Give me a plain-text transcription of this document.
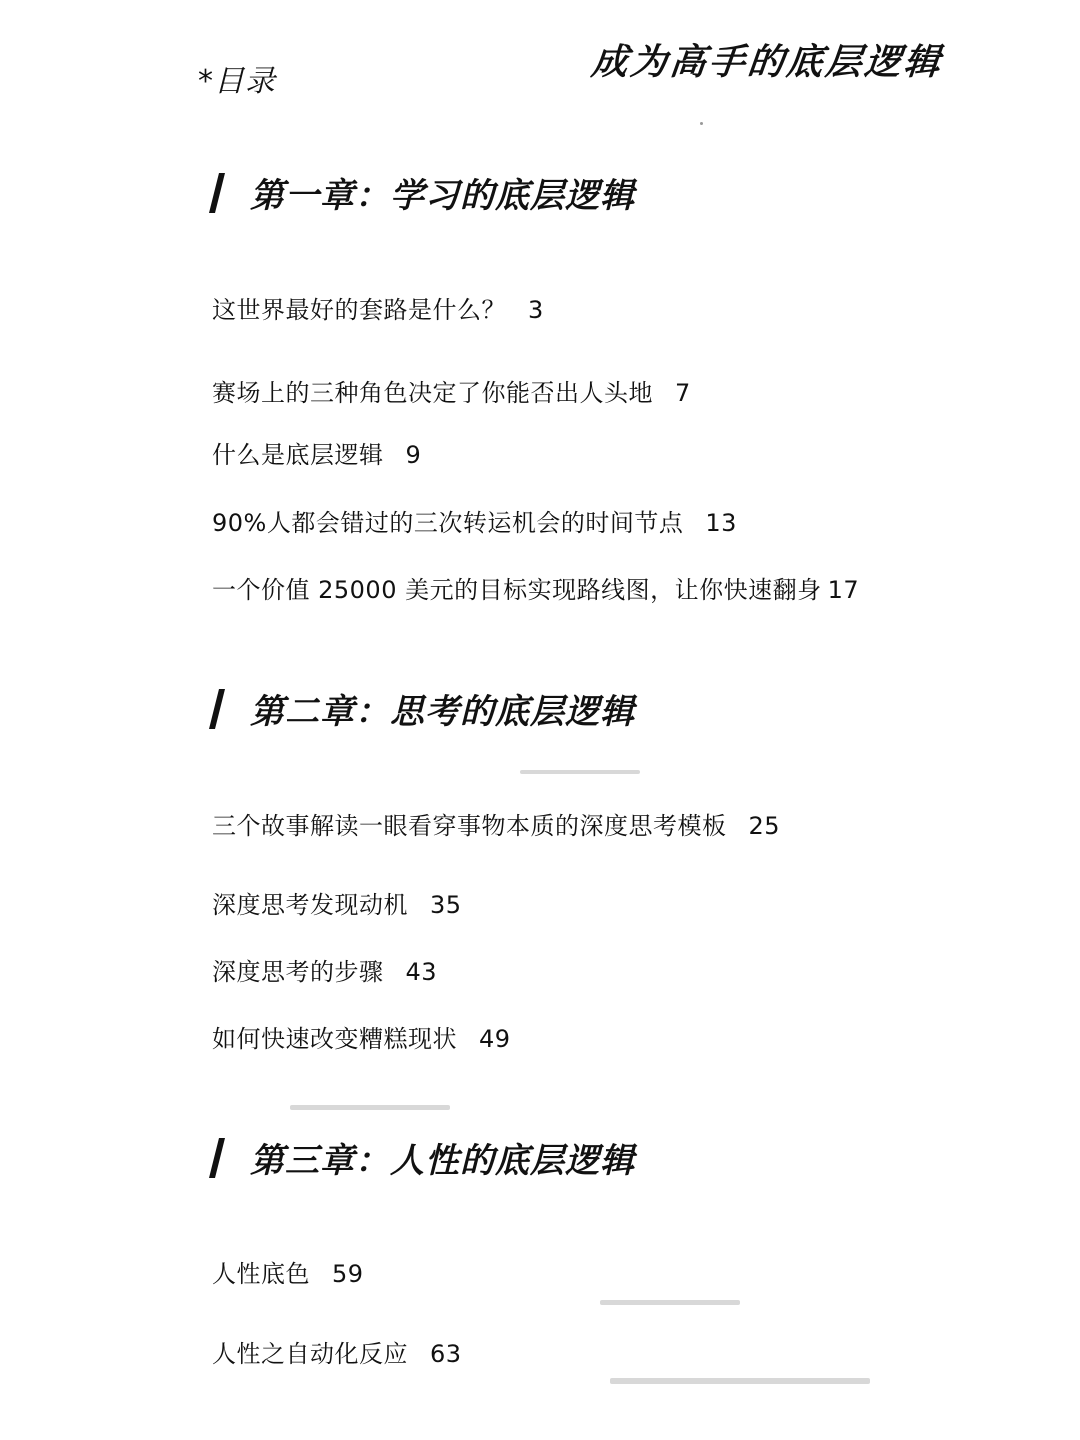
*目录	成为高手的底层逻辑
第一章：学习的底层逻辑
这世界最好的套路是什么？ 3
赛场上的三种角色决定了你能否出人头地 7
什么是底层逻辑 9
90%人都会错过的三次转运机会的时间节点 13
一个价值 25000 美元的目标实现路线图，让你快速翻身 17
第二章：思考的底层逻辑
三个故事解读一眼看穿事物本质的深度思考模板 25
深度思考发现动机 35
深度思考的步骤 43
如何快速改变糟糕现状 49
第三章：人性的底层逻辑
人性底色 59
人性之自动化反应 63
